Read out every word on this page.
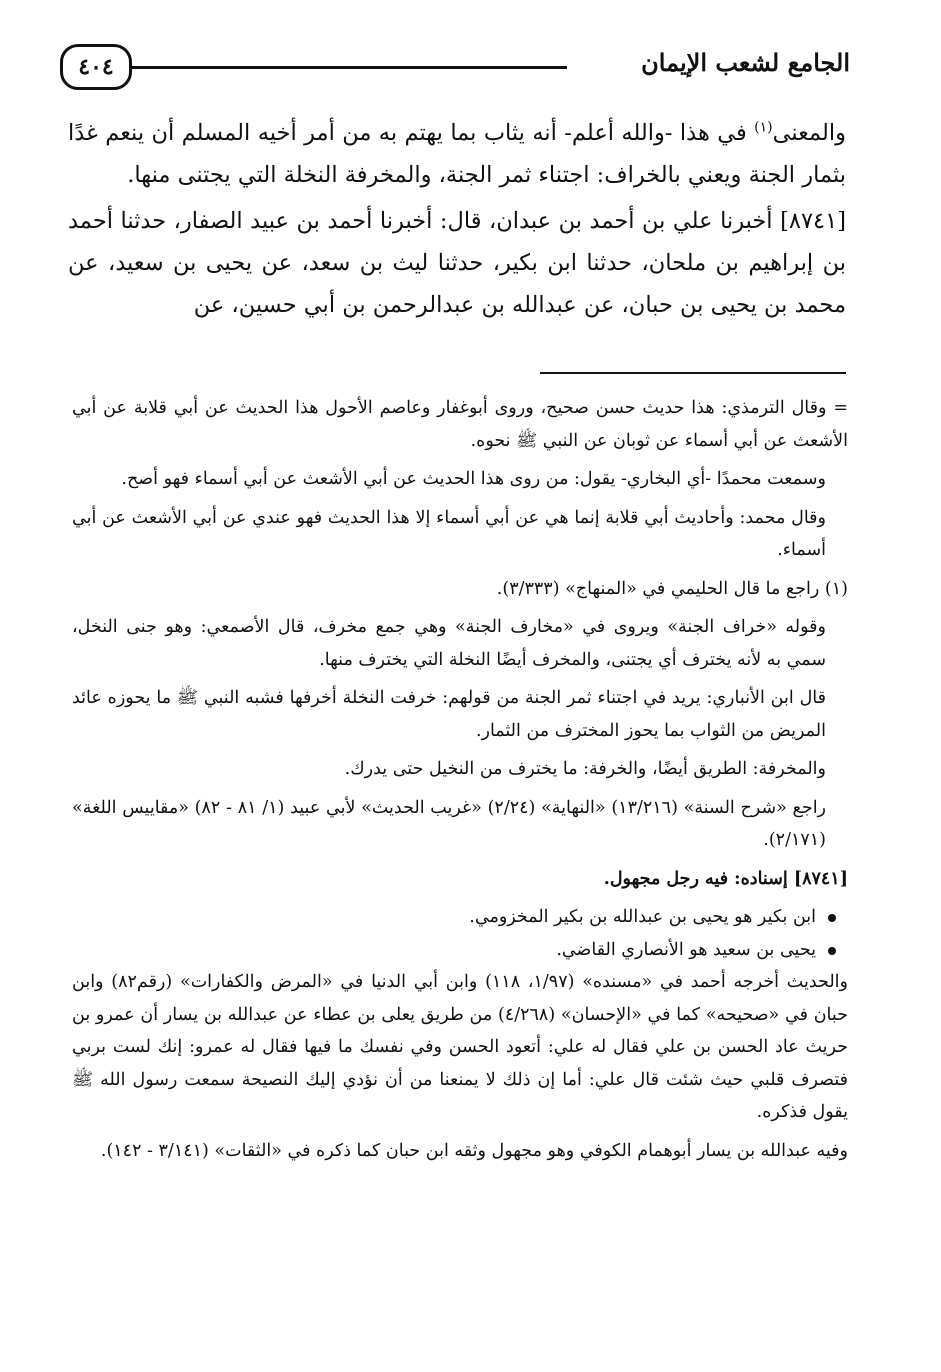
٤٠٤	الجامع لشعب الإيمان

والمعنى$^{(١)}$ في هذا -والله أعلم- أنه يثاب بما يهتم به من أمر أخيه المسلم أن ينعم غدًا بثمار الجنة ويعني بالخراف: اجتناء ثمر الجنة، والمخرفة النخلة التي يجتنى منها.

[٨٧٤١] أخبرنا علي بن أحمد بن عبدان، قال: أخبرنا أحمد بن عبيد الصفار، حدثنا أحمد بن إبراهيم بن ملحان، حدثنا ابن بكير، حدثنا ليث بن سعد، عن يحيى بن سعيد، عن محمد بن يحيى بن حبان، عن عبدالله بن عبدالرحمن بن أبي حسين، عن

= وقال الترمذي: هذا حديث حسن صحيح، وروى أبوغفار وعاصم الأحول هذا الحديث عن أبي قلابة عن أبي الأشعث عن أبي أسماء عن ثوبان عن النبي ﷺ نحوه.

وسمعت محمدًا -أي البخاري- يقول: من روى هذا الحديث عن أبي الأشعث عن أبي أسماء فهو أصح.

وقال محمد: وأحاديث أبي قلابة إنما هي عن أبي أسماء إلا هذا الحديث فهو عندي عن أبي الأشعث عن أبي أسماء.

(١) راجع ما قال الحليمي في «المنهاج» (٣/٣٣٣).

وقوله «خراف الجنة» ويروى في «مخارف الجنة» وهي جمع مخرف، قال الأصمعي: وهو جنى النخل، سمي به لأنه يخترف أي يجتنى، والمخرف أيضًا النخلة التي يخترف منها.

قال ابن الأنباري: يريد في اجتناء ثمر الجنة من قولهم: خرفت النخلة أخرفها فشبه النبي ﷺ ما يحوزه عائد المريض من الثواب بما يحوز المخترف من الثمار.

والمخرفة: الطريق أيضًا، والخرفة: ما يخترف من النخيل حتى يدرك.

راجع «شرح السنة» (١٣/٢١٦) «النهاية» (٢/٢٤) «غريب الحديث» لأبي عبيد (١/ ٨١ - ٨٢) «مقاييس اللغة» (٢/١٧١).

[٨٧٤١] إسناده: فيه رجل مجهول.

ابن بكير هو يحيى بن عبدالله بن بكير المخزومي.

يحيى بن سعيد هو الأنصاري القاضي.

والحديث أخرجه أحمد في «مسنده» (١/٩٧، ١١٨) وابن أبي الدنيا في «المرض والكفارات» (رقم٨٢) وابن حبان في «صحيحه» كما في «الإحسان» (٤/٢٦٨) من طريق يعلى بن عطاء عن عبدالله بن يسار أن عمرو بن حريث عاد الحسن بن علي فقال له علي: أتعود الحسن وفي نفسك ما فيها فقال له عمرو: إنك لست بربي فتصرف قلبي حيث شئت قال علي: أما إن ذلك لا يمنعنا من أن نؤدي إليك النصيحة سمعت رسول الله ﷺ يقول فذكره.

وفيه عبدالله بن يسار أبوهمام الكوفي وهو مجهول وثقه ابن حبان كما ذكره في «الثقات» (٣/١٤١ - ١٤٢).
